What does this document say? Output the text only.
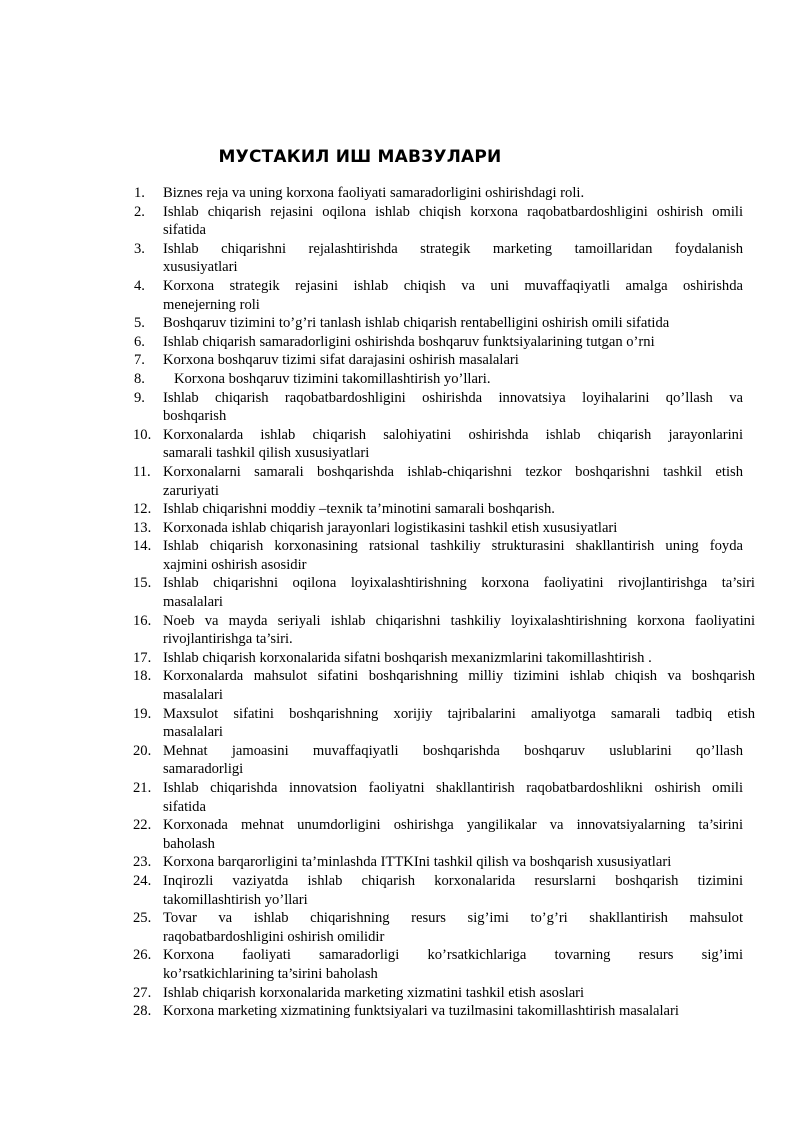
МУСТАКИЛ ИШ МАВЗУЛАРИ
1.	Biznes reja va uning korxona faoliyati samaradorligini oshirishdagi roli.
2.	Ishlab chiqarish rejasini oqilona ishlab chiqish korxona raqobatbardoshligini oshirish omili
sifatida
3.	Ishlab chiqarishni rejalashtirishda strategik marketing tamoillaridan foydalanish
xususiyatlari
4.	Korxona strategik rejasini ishlab chiqish va uni muvaffaqiyatli amalga oshirishda
menejerning roli
5.	Boshqaruv tizimini to’g’ri tanlash ishlab chiqarish rentabelligini oshirish omili sifatida
6.	Ishlab chiqarish samaradorligini oshirishda boshqaruv funktsiyalarining tutgan o’rni
7.	Korxona boshqaruv tizimi sifat darajasini oshirish masalalari
8.	Korxona boshqaruv tizimini takomillashtirish yo’llari.
9.	Ishlab chiqarish raqobatbardoshligini oshirishda innovatsiya loyihalarini qo’llash va
boshqarish
10. Korxonalarda ishlab chiqarish salohiyatini oshirishda ishlab chiqarish jarayonlarini
samarali tashkil qilish xususiyatlari
11. Korxonalarni samarali boshqarishda ishlab-chiqarishni tezkor boshqarishni tashkil etish
zaruriyati
12. Ishlab chiqarishni moddiy –texnik ta’minotini samarali boshqarish.
13. Korxonada ishlab chiqarish jarayonlari logistikasini tashkil etish xususiyatlari
14. Ishlab chiqarish korxonasining ratsional tashkiliy strukturasini shakllantirish uning foyda
xajmini oshirish asosidir
15. Ishlab chiqarishni oqilona loyixalashtirishning korxona faoliyatini rivojlantirishga ta’siri
masalalari
16. Noeb va mayda seriyali ishlab chiqarishni tashkiliy loyixalashtirishning korxona faoliyatini
rivojlantirishga ta’siri.
17. Ishlab chiqarish korxonalarida sifatni boshqarish mexanizmlarini takomillashtirish .
18. Korxonalarda mahsulot sifatini boshqarishning milliy tizimini ishlab chiqish va boshqarish
masalalari
19. Maxsulot sifatini boshqarishning xorijiy tajribalarini amaliyotga samarali tadbiq etish
masalalari
20. Mehnat jamoasini muvaffaqiyatli boshqarishda boshqaruv uslublarini qo’llash
samaradorligi
21. Ishlab chiqarishda innovatsion faoliyatni shakllantirish raqobatbardoshlikni oshirish omili
sifatida
22. Korxonada mehnat unumdorligini oshirishga yangilikalar va innovatsiyalarning ta’sirini
baholash
23. Korxona barqarorligini ta’minlashda ITTKIni tashkil qilish va boshqarish xususiyatlari
24. Inqirozli vaziyatda ishlab chiqarish korxonalarida resurslarni boshqarish tizimini
takomillashtirish yo’llari
25. Tovar va ishlab chiqarishning resurs sig’imi to’g’ri shakllantirish mahsulot
raqobatbardoshligini oshirish omilidir
26. Korxona faoliyati samaradorligi ko’rsatkichlariga tovarning resurs sig’imi
ko’rsatkichlarining ta’sirini baholash
27. Ishlab chiqarish korxonalarida marketing xizmatini tashkil etish asoslari
28. Korxona marketing xizmatining funktsiyalari va tuzilmasini takomillashtirish masalalari
